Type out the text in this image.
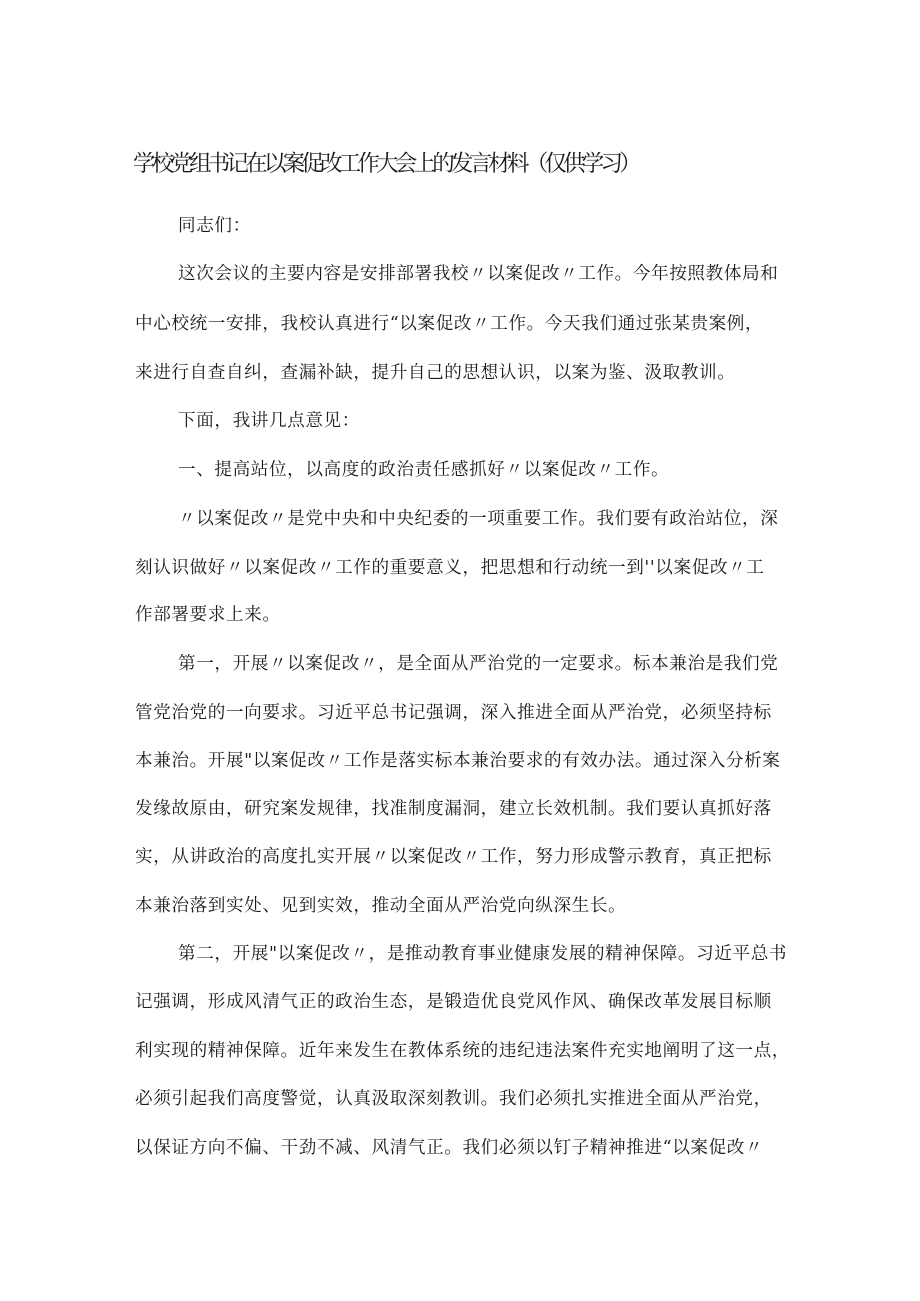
学校党组书记在以案促改工作大会上的发言材料（仅供学习）
同志们：
这次会议的主要内容是安排部署我校〃以案促改〃工作。今年按照教体局和
中心校统一安排，我校认真进行“以案促改〃工作。今天我们通过张某贵案例，
来进行自查自纠，查漏补缺，提升自己的思想认识，以案为鉴、汲取教训。
下面，我讲几点意见：
一、提高站位，以高度的政治责任感抓好〃以案促改〃工作。
〃以案促改〃是党中央和中央纪委的一项重要工作。我们要有政治站位，深
刻认识做好〃以案促改〃工作的重要意义，把思想和行动统一到''以案促改〃工
作部署要求上来。
第一，开展〃以案促改〃，是全面从严治党的一定要求。标本兼治是我们党
管党治党的一向要求。习近平总书记强调，深入推进全面从严治党，必须坚持标
本兼治。开展"以案促改〃工作是落实标本兼治要求的有效办法。通过深入分析案
发缘故原由，研究案发规律，找准制度漏洞，建立长效机制。我们要认真抓好落
实，从讲政治的高度扎实开展〃以案促改〃工作，努力形成警示教育，真正把标
本兼治落到实处、见到实效，推动全面从严治党向纵深生长。
第二，开展"以案促改〃，是推动教育事业健康发展的精神保障。习近平总书
记强调，形成风清气正的政治生态，是锻造优良党风作风、确保改革发展目标顺
利实现的精神保障。近年来发生在教体系统的违纪违法案件充实地阐明了这一点，
必须引起我们高度警觉，认真汲取深刻教训。我们必须扎实推进全面从严治党，
以保证方向不偏、干劲不减、风清气正。我们必须以钉子精神推进“以案促改〃
